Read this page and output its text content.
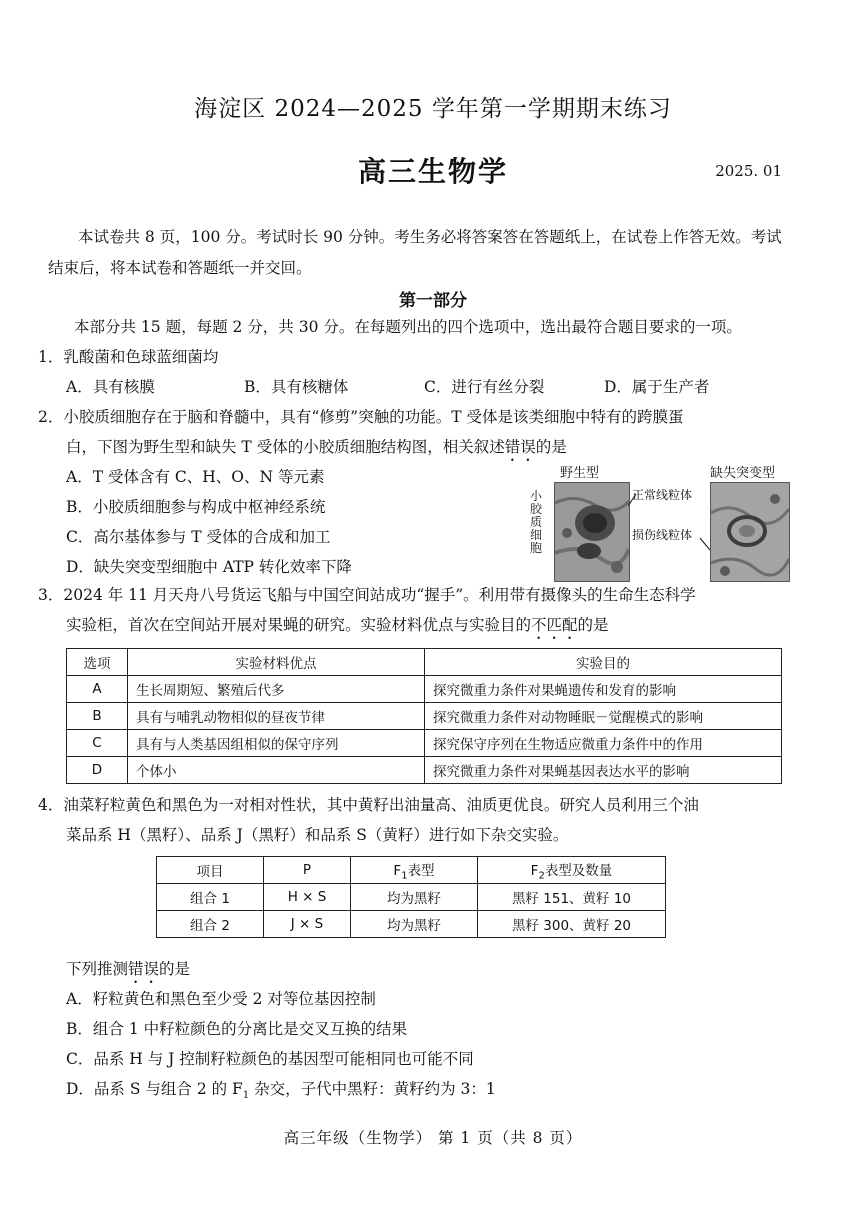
海淀区 2024—2025 学年第一学期期末练习
高三生物学	2025. 01
本试卷共 8 页，100 分。考试时长 90 分钟。考生务必将答案答在答题纸上，在试卷上作答无效。考试结束后，将本试卷和答题纸一并交回。
第一部分
本部分共 15 题，每题 2 分，共 30 分。在每题列出的四个选项中，选出最符合题目要求的一项。
1．乳酸菌和色球蓝细菌均
A．具有核膜	B．具有核糖体	C．进行有丝分裂	D．属于生产者
2．小胶质细胞存在于脑和脊髓中，具有“修剪”突触的功能。T 受体是该类细胞中特有的跨膜蛋
白，下图为野生型和缺失 T 受体的小胶质细胞结构图，相关叙述错误的是
A．T 受体含有 C、H、O、N 等元素
B．小胶质细胞参与构成中枢神经系统
C．高尔基体参与 T 受体的合成和加工
D．缺失突变型细胞中 ATP 转化效率下降
野生型	缺失突变型
小胶质细胞
正常线粒体
损伤线粒体
3．2024 年 11 月天舟八号货运飞船与中国空间站成功“握手”。利用带有摄像头的生命生态科学
实验柜，首次在空间站开展对果蝇的研究。实验材料优点与实验目的不匹配的是
选项	实验材料优点	实验目的
A	生长周期短、繁殖后代多	探究微重力条件对果蝇遗传和发育的影响
B	具有与哺乳动物相似的昼夜节律	探究微重力条件对动物睡眠－觉醒模式的影响
C	具有与人类基因组相似的保守序列	探究保守序列在生物适应微重力条件中的作用
D	个体小	探究微重力条件对果蝇基因表达水平的影响
4．油菜籽粒黄色和黑色为一对相对性状，其中黄籽出油量高、油质更优良。研究人员利用三个油
菜品系 H（黑籽）、品系 J（黑籽）和品系 S（黄籽）进行如下杂交实验。
项目	P	$F_1$表型	$F_2$表型及数量
组合 1	H × S	均为黑籽	黑籽 151、黄籽 10
组合 2	J × S	均为黑籽	黑籽 300、黄籽 20
下列推测错误的是
A．籽粒黄色和黑色至少受 2 对等位基因控制
B．组合 1 中籽粒颜色的分离比是交叉互换的结果
C．品系 H 与 J 控制籽粒颜色的基因型可能相同也可能不同
D．品系 S 与组合 2 的 $F_1$ 杂交，子代中黑籽：黄籽约为 3：1
高三年级（生物学） 第 1 页（共 8 页）
